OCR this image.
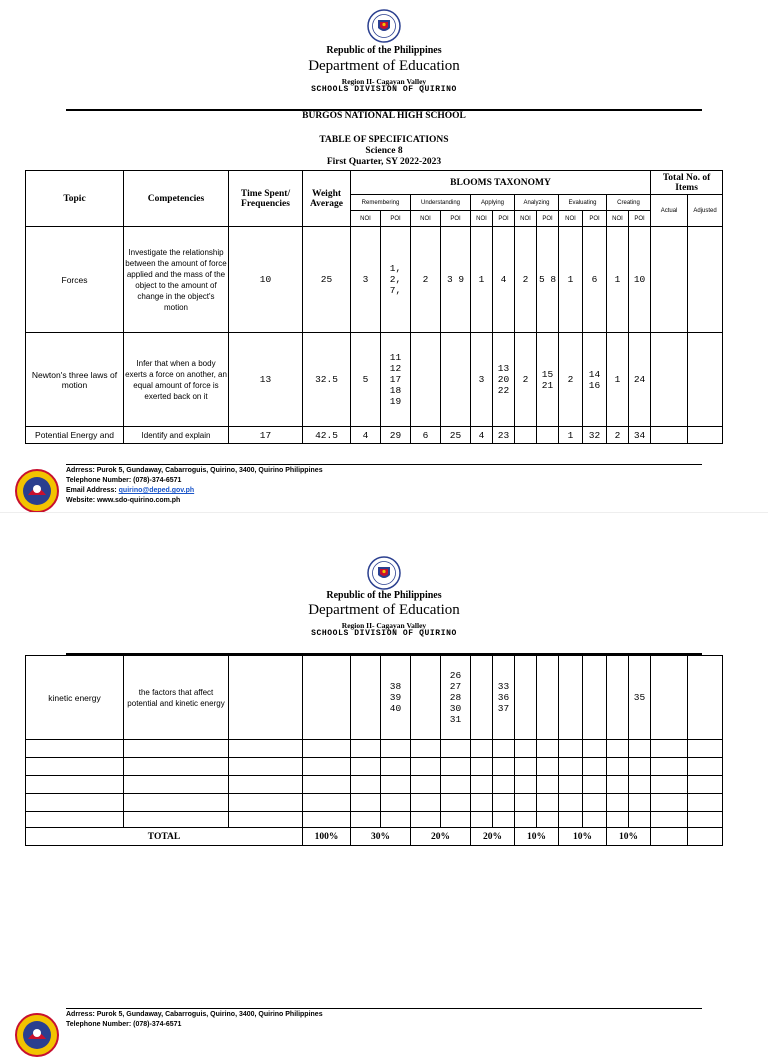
Republic of the Philippines
Department of Education
Region II- Cagayan Valley
SCHOOLS DIVISION OF QUIRINO
BURGOS NATIONAL HIGH SCHOOL
TABLE OF SPECIFICATIONS
Science 8
First Quarter, SY 2022-2023
Topic	Competencies	Time Spent/ Frequencies	Weight Average	BLOOMS TAXONOMY												Total No. of Items	
				Remembering		Understanding		Applying		Analyzing		Evaluating		Creating		Actual	Adjusted
				NOI	POI	NOI	POI	NOI	POI	NOI	POI	NOI	POI	NOI	POI		
Forces	Investigate the relationship between the amount of force applied and the mass of the object to the amount of change in the object's motion	10	25	3	1, 2, 7,	2	3 9	1	4	2	5 8	1	6	1	10		
Newton's three laws of motion	Infer that when a body exerts a force on another, an equal amount of force is exerted back on it	13	32.5	5	11 12 17 18 19			3	13 20 22	2	15 21	2	14 16	1	24		
Potential Energy and	Identify and explain	17	42.5	4	29	6	25	4	23			1	32	2	34		
Adrress: Purok 5, Gundaway, Cabarroguis, Quirino, 3400, Quirino Philippines
Telephone Number: (078)-374-6571
Email Address: quirino@deped.gov.ph
Website: www.sdo-quirino.com.ph
Republic of the Philippines
Department of Education
Region II- Cagayan Valley
SCHOOLS DIVISION OF QUIRINO
kinetic energy	the factors that affect potential and kinetic energy				38 39 40		26 27 28 30 31		33 36 37						35		

TOTAL			100%	30%		20%		20%		10%		10%		10%			
Adrress: Purok 5, Gundaway, Cabarroguis, Quirino, 3400, Quirino Philippines
Telephone Number: (078)-374-6571
